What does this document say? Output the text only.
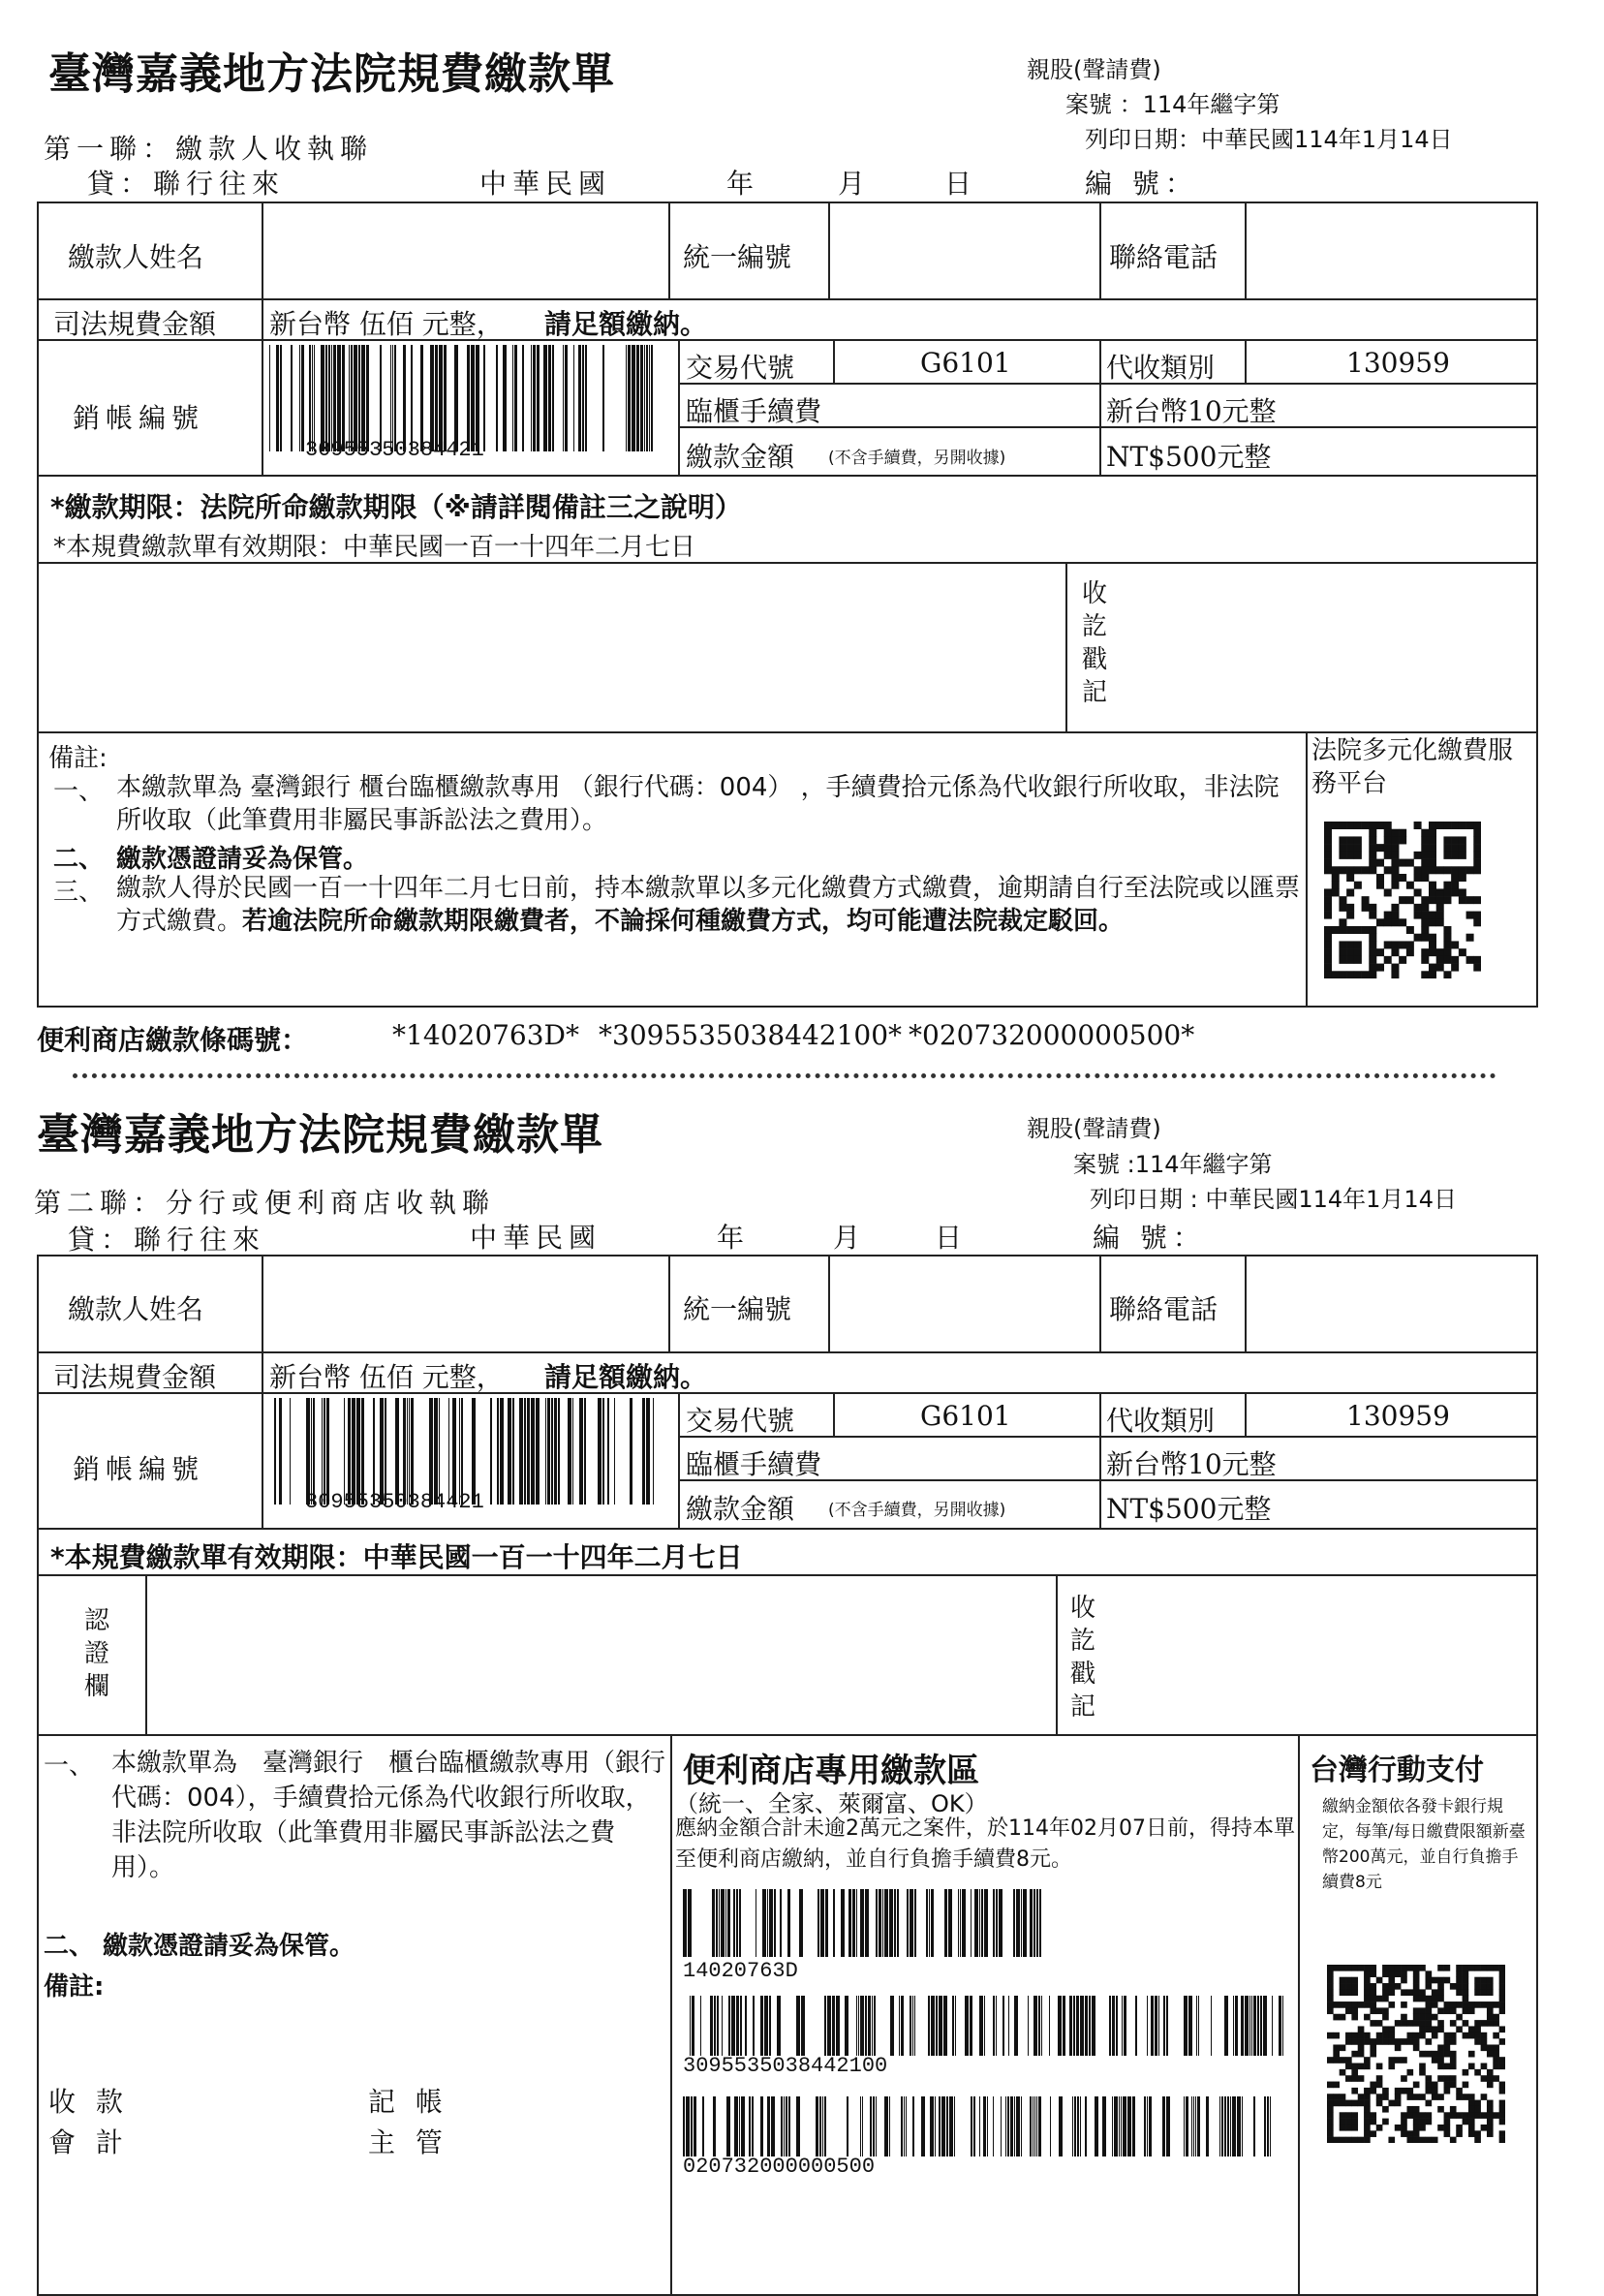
臺灣嘉義地方法院規費繳款單	親股(聲請費)
案號 ：114年繼字第
列印日期：中華民國114年1月14日
第一聯：繳款人收執聯
貸：聯行往來	中華民國	年	月	日	編 號：
繳款人姓名	統一編號	聯絡電話
司法規費金額 新台幣 伍佰 元整， 請足額繳納。
銷帳編號
30955350384421
交易代號	G6101	代收類別	130959
臨櫃手續費	新台幣10元整
繳款金額 (不含手續費，另開收據)	NT$500元整
*繳款期限：法院所命繳款期限（※請詳閱備註三之說明）
*本規費繳款單有效期限：中華民國一百一十四年二月七日
收
訖
戳
記
備註:
一、 本繳款單為 臺灣銀行 櫃台臨櫃繳款專用 （銀行代碼：004） ，手續費拾元係為代收銀行所收取，非法院所收取（此筆費用非屬民事訴訟法之費用）。
二、 繳款憑證請妥為保管。
三、 繳款人得於民國一百一十四年二月七日前，持本繳款單以多元化繳費方式繳費，逾期請自行至法院或以匯票方式繳費。若逾法院所命繳款期限繳費者，不論採何種繳費方式，均可能遭法院裁定駁回。
法院多元化繳費服務平台
便利商店繳款條碼號：	*14020763D* *3095535038442100* *020732000000500*
臺灣嘉義地方法院規費繳款單	親股(聲請費)
案號 :114年繼字第
列印日期 : 中華民國114年1月14日
第二聯：分行或便利商店收執聯
貸：聯行往來	中華民國	年	月	日	編 號：
繳款人姓名	統一編號	聯絡電話
司法規費金額 新台幣 伍佰 元整， 請足額繳納。
銷帳編號
30955350384421
交易代號	G6101	代收類別	130959
臨櫃手續費	新台幣10元整
繳款金額 (不含手續費，另開收據)	NT$500元整
*本規費繳款單有效期限：中華民國一百一十四年二月七日
認
證
欄
收
訖
戳
記
一、 本繳款單為　臺灣銀行　櫃台臨櫃繳款專用（銀行代碼：004），手續費拾元係為代收銀行所收取，非法院所收取（此筆費用非屬民事訴訟法之費用）。
二、 繳款憑證請妥為保管。
備註:
收 款
會 計
記 帳
主 管
便利商店專用繳款區
（統一、全家、萊爾富、OK）
應納金額合計未逾2萬元之案件，於114年02月07日前，得持本單至便利商店繳納，並自行負擔手續費8元。
14020763D
3095535038442100
020732000000500
台灣行動支付
繳納金額依各發卡銀行規定，每筆/每日繳費限額新臺幣200萬元，並自行負擔手續費8元
